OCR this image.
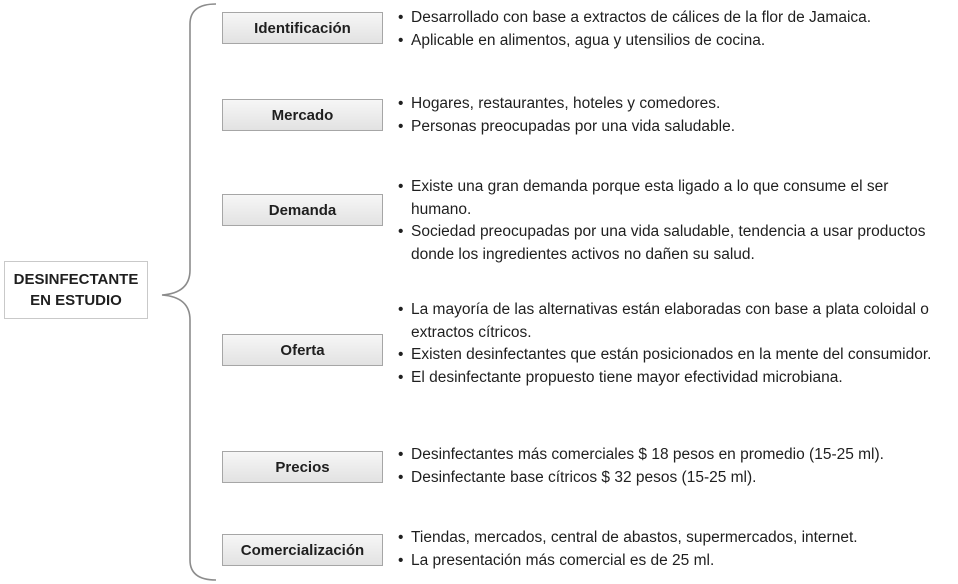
DESINFECTANTE
EN ESTUDIO
Identificación
• Desarrollado con base a extractos de cálices de la flor de Jamaica.
• Aplicable en alimentos, agua y utensilios de cocina.
Mercado
• Hogares, restaurantes, hoteles y comedores.
• Personas preocupadas por una vida saludable.
Demanda
• Existe una gran demanda porque esta ligado a lo que consume el ser humano.
• Sociedad preocupadas por una vida saludable, tendencia a usar productos donde los ingredientes activos no dañen su salud.
Oferta
• La mayoría de las alternativas están elaboradas con base a plata coloidal o extractos cítricos.
• Existen desinfectantes que están posicionados en la mente del consumidor.
• El desinfectante propuesto tiene mayor efectividad microbiana.
Precios
• Desinfectantes más comerciales $ 18 pesos en promedio (15-25 ml).
• Desinfectante base cítricos $ 32 pesos (15-25 ml).
Comercialización
• Tiendas, mercados, central de abastos, supermercados, internet.
• La presentación más comercial es de 25 ml.
